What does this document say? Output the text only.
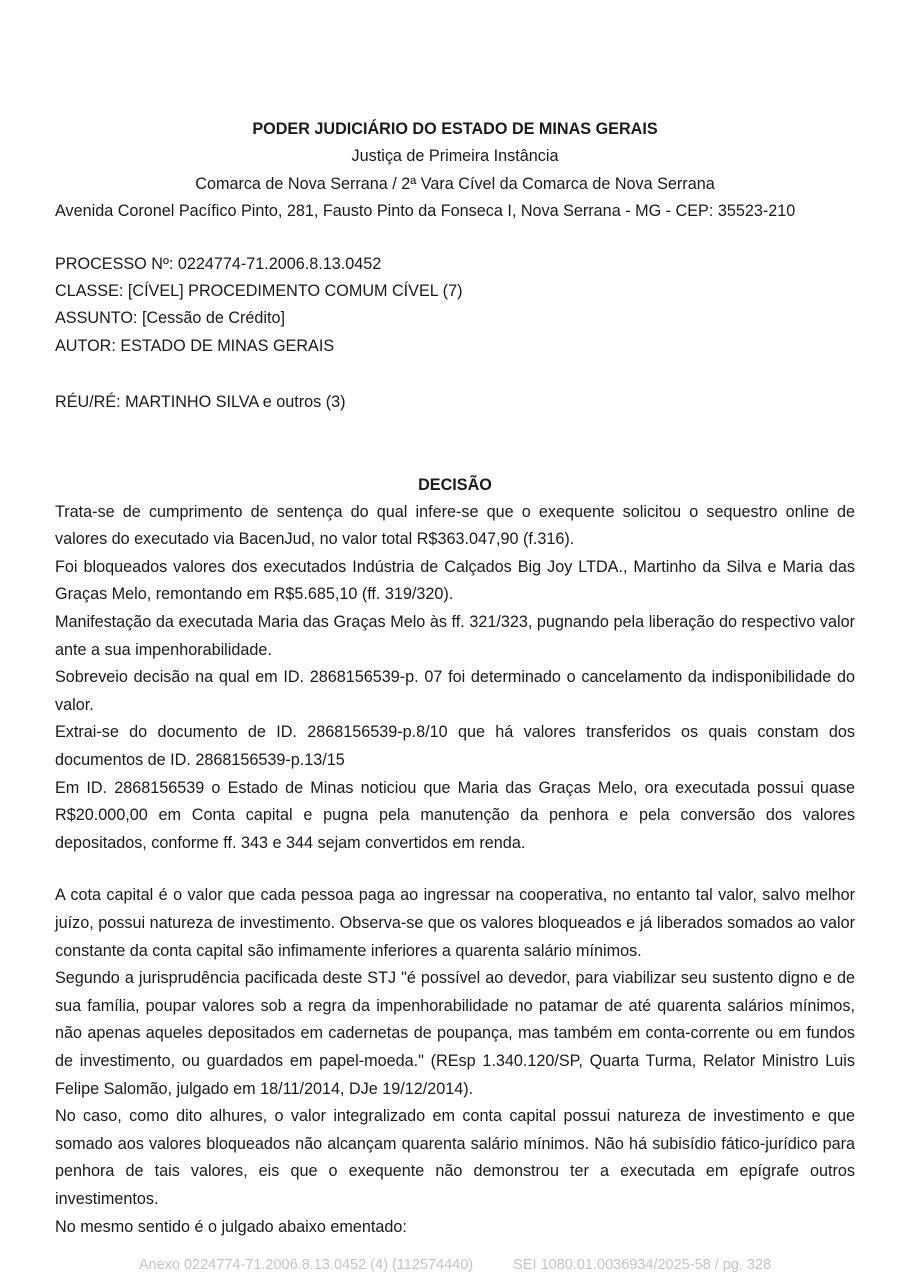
PODER JUDICIÁRIO DO ESTADO DE MINAS GERAIS
Justiça de Primeira Instância
Comarca de Nova Serrana / 2ª Vara Cível da Comarca de Nova Serrana
Avenida Coronel Pacífico Pinto, 281, Fausto Pinto da Fonseca I, Nova Serrana - MG - CEP: 35523-210
PROCESSO Nº: 0224774-71.2006.8.13.0452
CLASSE: [CÍVEL] PROCEDIMENTO COMUM CÍVEL (7)
ASSUNTO: [Cessão de Crédito]
AUTOR: ESTADO DE MINAS GERAIS
RÉU/RÉ: MARTINHO SILVA e outros (3)
DECISÃO

Trata-se de cumprimento de sentença do qual infere-se que o exequente solicitou o sequestro online de valores do executado via BacenJud, no valor total R$363.047,90 (f.316).

Foi bloqueados valores dos executados Indústria de Calçados Big Joy LTDA., Martinho da Silva e Maria das Graças Melo, remontando em R$5.685,10 (ff. 319/320).

Manifestação da executada Maria das Graças Melo às ff. 321/323, pugnando pela liberação do respectivo valor ante a sua impenhorabilidade.

Sobreveio decisão na qual em ID. 2868156539-p. 07 foi determinado o cancelamento da indisponibilidade do valor.

Extrai-se do documento de ID. 2868156539-p.8/10 que há valores transferidos os quais constam dos documentos de ID. 2868156539-p.13/15

Em ID. 2868156539 o Estado de Minas noticiou que Maria das Graças Melo, ora executada possui quase R$20.000,00 em Conta capital e pugna pela manutenção da penhora e pela conversão dos valores depositados, conforme ff. 343 e 344 sejam convertidos em renda.

A cota capital é o valor que cada pessoa paga ao ingressar na cooperativa, no entanto tal valor, salvo melhor juízo, possui natureza de investimento. Observa-se que os valores bloqueados e já liberados somados ao valor constante da conta capital são infimamente inferiores a quarenta salário mínimos.

Segundo a jurisprudência pacificada deste STJ "é possível ao devedor, para viabilizar seu sustento digno e de sua família, poupar valores sob a regra da impenhorabilidade no patamar de até quarenta salários mínimos, não apenas aqueles depositados em cadernetas de poupança, mas também em conta-corrente ou em fundos de investimento, ou guardados em papel-moeda." (REsp 1.340.120/SP, Quarta Turma, Relator Ministro Luis Felipe Salomão, julgado em 18/11/2014, DJe 19/12/2014).

No caso, como dito alhures, o valor integralizado em conta capital possui natureza de investimento e que somado aos valores bloqueados não alcançam quarenta salário mínimos. Não há subisídio fático-jurídico para penhora de tais valores, eis que o exequente não demonstrou ter a executada em epígrafe outros investimentos.

No mesmo sentido é o julgado abaixo ementado:

Anexo 0224774-71.2006.8.13.0452 (4) (112574440)	SEI 1080.01.0036934/2025-58 / pg. 328
